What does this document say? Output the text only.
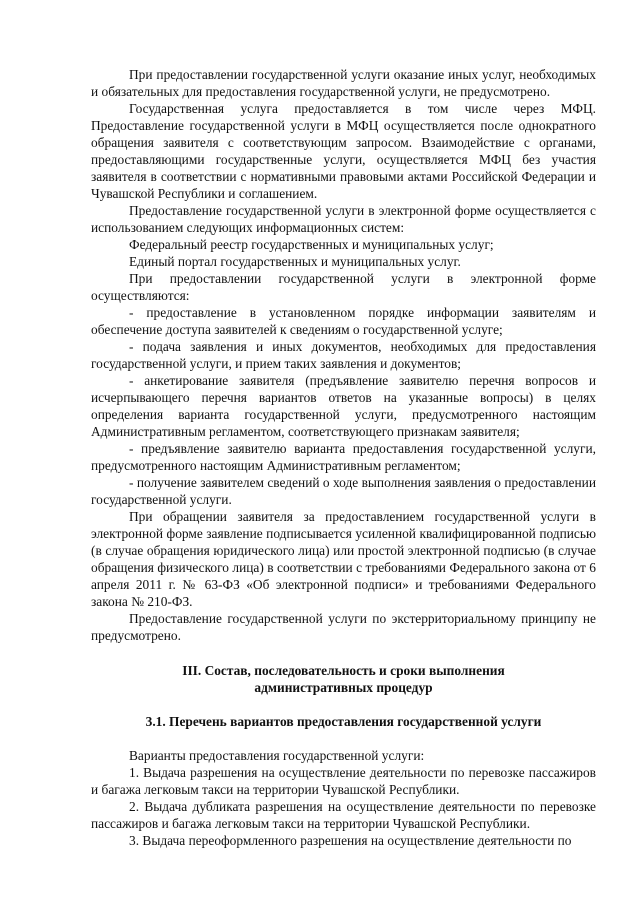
При предоставлении государственной услуги оказание иных услуг, необходимых и обязательных для предоставления государственной услуги, не предусмотрено.

Государственная услуга предоставляется в том числе через МФЦ. Предоставление государственной услуги в МФЦ осуществляется после однократного обращения заявителя с соответствующим запросом. Взаимодействие с органами, предоставляющими государственные услуги, осуществляется МФЦ без участия заявителя в соответствии с нормативными правовыми актами Российской Федерации и Чувашской Республики и соглашением.

Предоставление государственной услуги в электронной форме осуществляется с использованием следующих информационных систем:

Федеральный реестр государственных и муниципальных услуг;

Единый портал государственных и муниципальных услуг.

При предоставлении государственной услуги в электронной форме осуществляются:

- предоставление в установленном порядке информации заявителям и обеспечение доступа заявителей к сведениям о государственной услуге;

- подача заявления и иных документов, необходимых для предоставления государственной услуги, и прием таких заявления и документов;

- анкетирование заявителя (предъявление заявителю перечня вопросов и исчерпывающего перечня вариантов ответов на указанные вопросы) в целях определения варианта государственной услуги, предусмотренного настоящим Административным регламентом, соответствующего признакам заявителя;

- предъявление заявителю варианта предоставления государственной услуги, предусмотренного настоящим Административным регламентом;

- получение заявителем сведений о ходе выполнения заявления о предоставлении государственной услуги.

При обращении заявителя за предоставлением государственной услуги в электронной форме заявление подписывается усиленной квалифицированной подписью (в случае обращения юридического лица) или простой электронной подписью (в случае обращения физического лица) в соответствии с требованиями Федерального закона от 6 апреля 2011 г. № 63-ФЗ «Об электронной подписи» и требованиями Федерального закона № 210-ФЗ.

Предоставление государственной услуги по экстерриториальному принципу не предусмотрено.

III. Состав, последовательность и сроки выполнения
административных процедур
3.1. Перечень вариантов предоставления государственной услуги

Варианты предоставления государственной услуги:

1. Выдача разрешения на осуществление деятельности по перевозке пассажиров и багажа легковым такси на территории Чувашской Республики.

2. Выдача дубликата разрешения на осуществление деятельности по перевозке пассажиров и багажа легковым такси на территории Чувашской Республики.

3. Выдача переоформленного разрешения на осуществление деятельности по
